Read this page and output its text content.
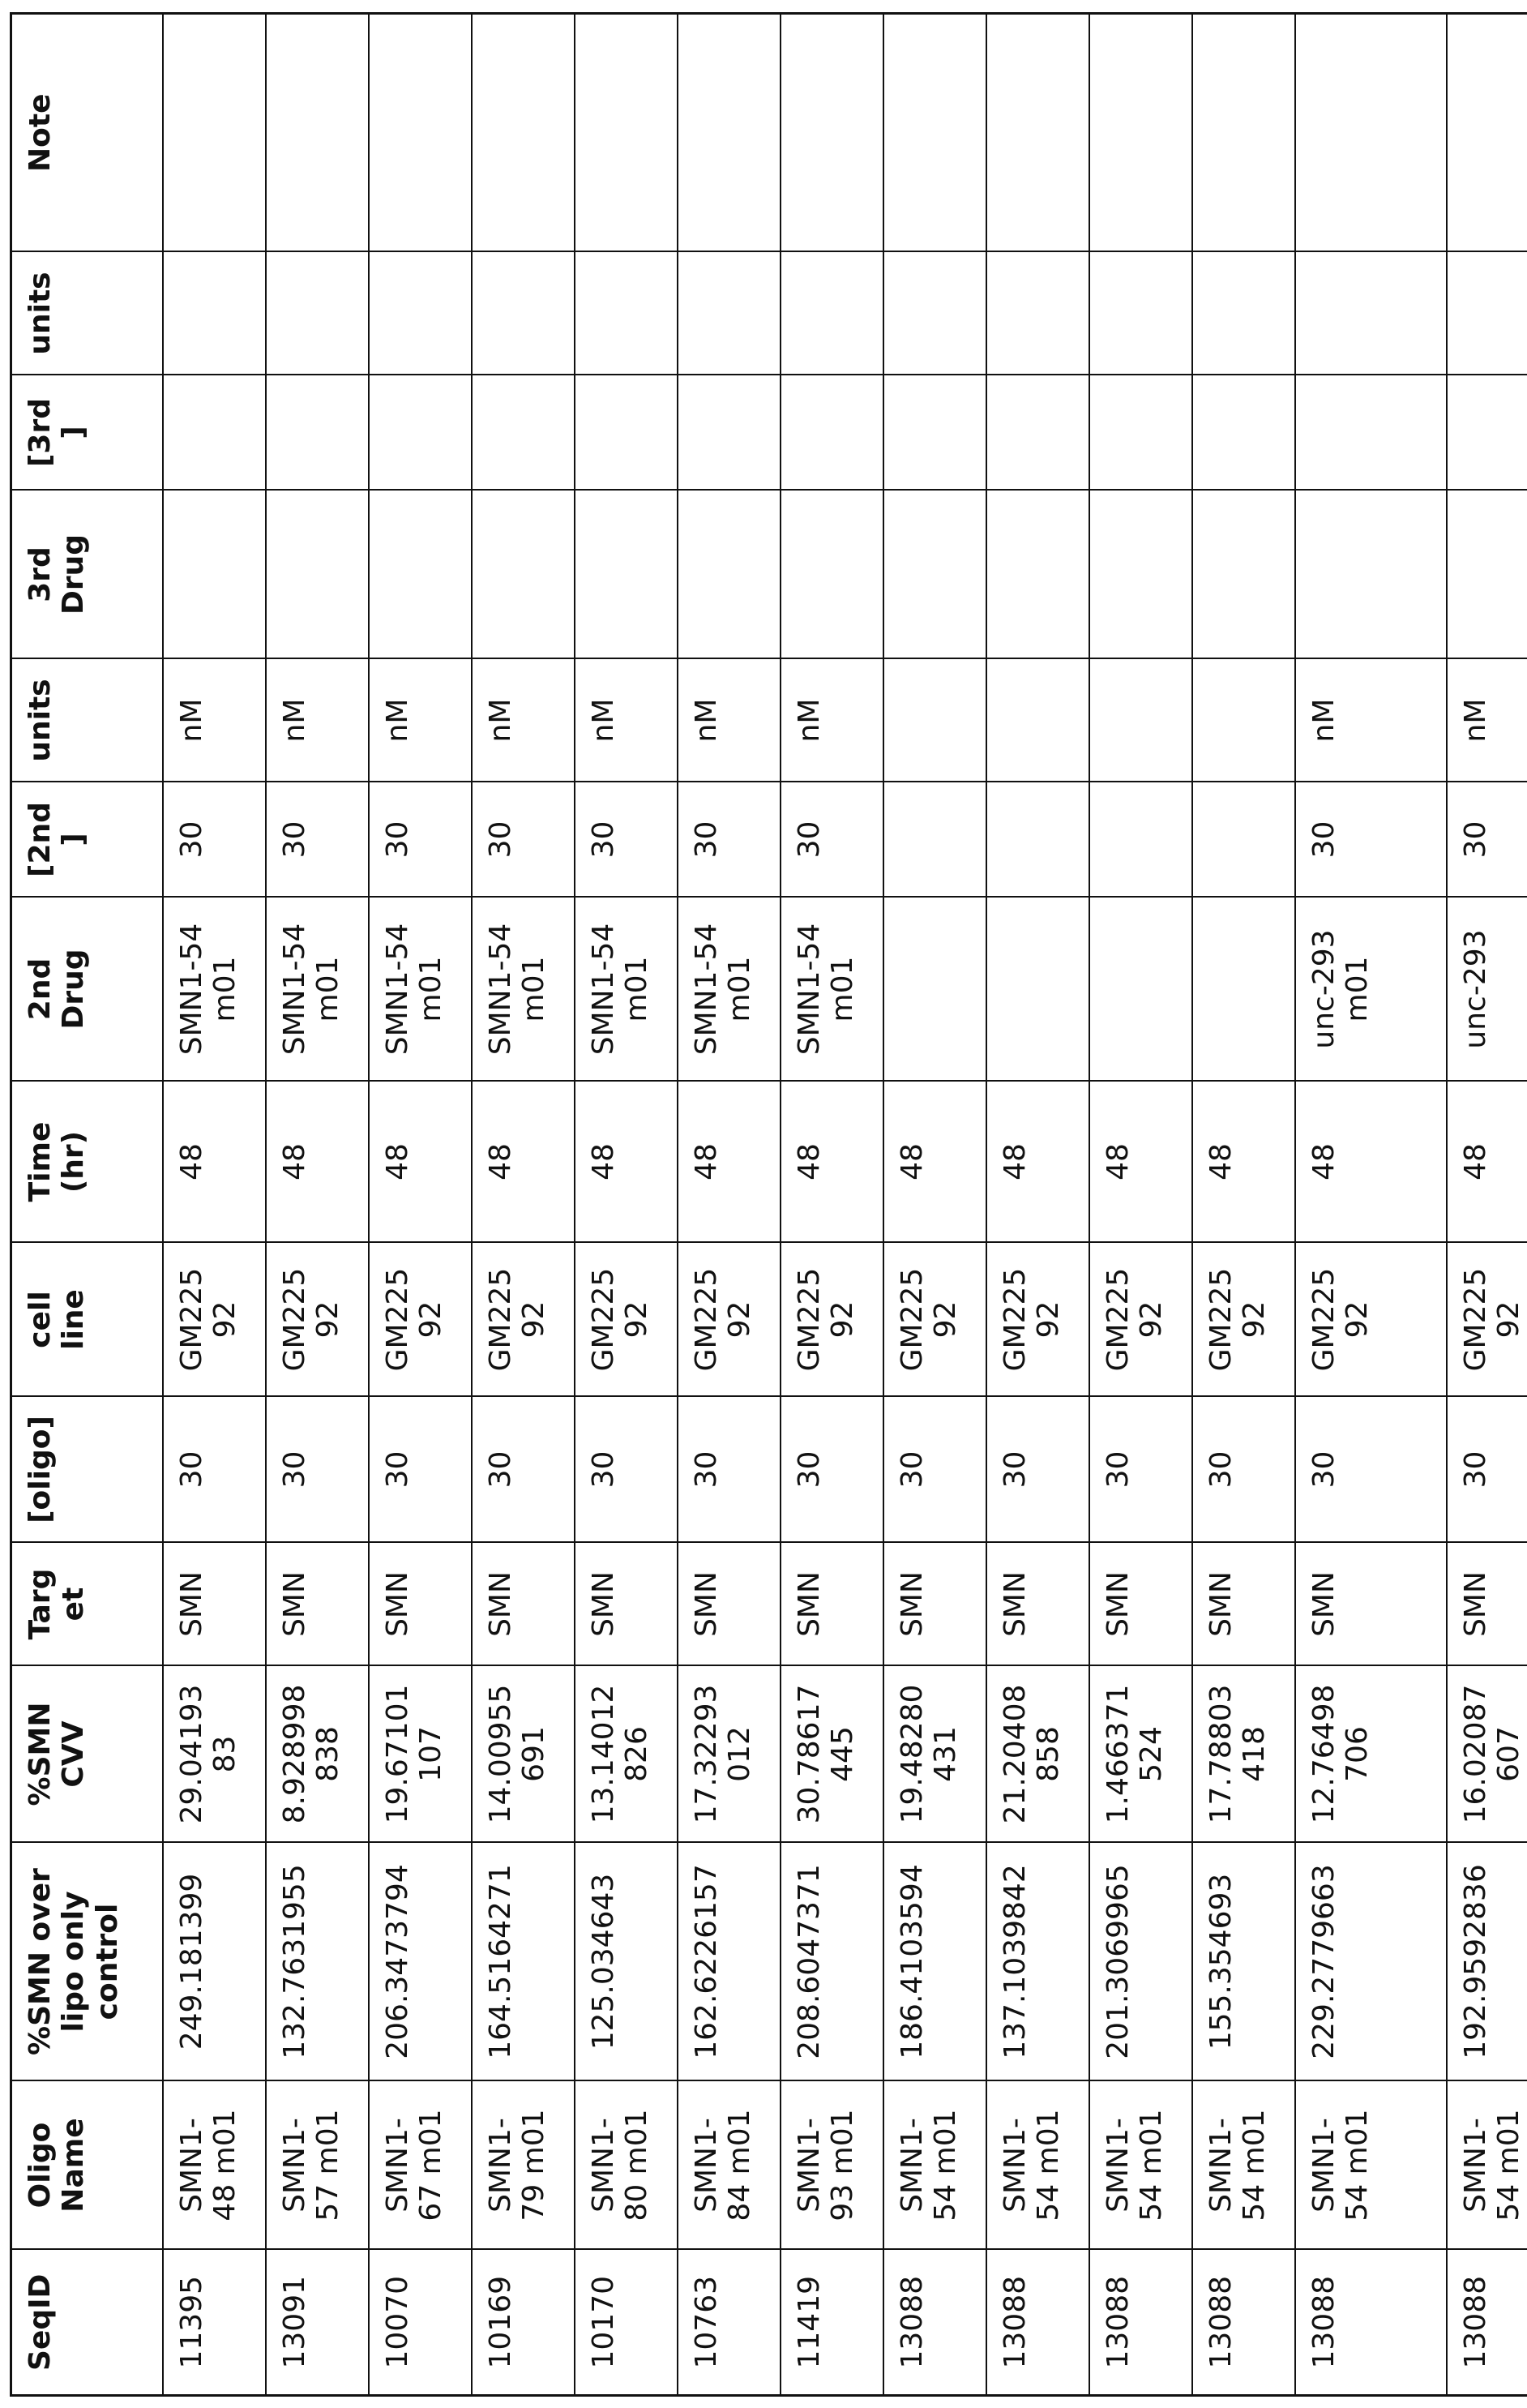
SeqID	Oligo Name	%SMN over lipo only control	%SMN CVV	Target	[oligo]	cell line	Time (hr)	2nd Drug	[2nd]	units	3rd Drug	[3rd]	units	Note
11395	SMN1-48 m01	249.181399	29.0419383	SMN	30	GM22592	48	SMN1-54 m01	30	nM				
13091	SMN1-57 m01	132.7631955	8.928998838	SMN	30	GM22592	48	SMN1-54 m01	30	nM				
10070	SMN1-67 m01	206.3473794	19.67101107	SMN	30	GM22592	48	SMN1-54 m01	30	nM				
10169	SMN1-79 m01	164.5164271	14.00955691	SMN	30	GM22592	48	SMN1-54 m01	30	nM				
10170	SMN1-80 m01	125.034643	13.14012826	SMN	30	GM22592	48	SMN1-54 m01	30	nM				
10763	SMN1-84 m01	162.6226157	17.32293012	SMN	30	GM22592	48	SMN1-54 m01	30	nM				
11419	SMN1-93 m01	208.6047371	30.78617445	SMN	30	GM22592	48	SMN1-54 m01	30	nM				
13088	SMN1-54 m01	186.4103594	19.48280431	SMN	30	GM22592	48							
13088	SMN1-54 m01	137.1039842	21.20408858	SMN	30	GM22592	48							
13088	SMN1-54 m01	201.3069965	1.466371524	SMN	30	GM22592	48							
13088	SMN1-54 m01	155.354693	17.78803418	SMN	30	GM22592	48							
13088	SMN1-54 m01	229.2779663	12.76498706	SMN	30	GM22592	48	unc-293 m01	30	nM				
13088	SMN1-54 m01	192.9592836	16.02087607	SMN	30	GM22592	48	unc-293	30	nM				
